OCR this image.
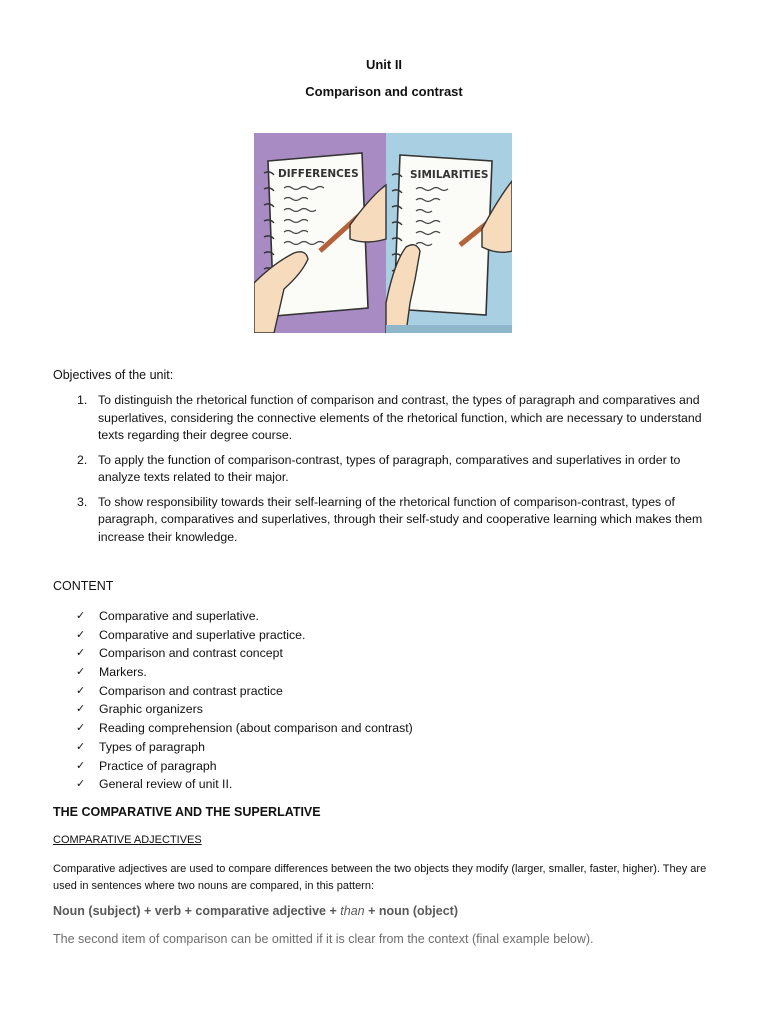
Unit II
Comparison and contrast
DIFFERENCES	SIMILARITIES
Objectives of the unit:
1. To distinguish the rhetorical function of comparison and contrast, the types of paragraph and comparatives and superlatives, considering the connective elements of the rhetorical function, which are necessary to understand texts regarding their degree course.
2. To apply the function of comparison-contrast, types of paragraph, comparatives and superlatives in order to analyze texts related to their major.
3. To show responsibility towards their self-learning of the rhetorical function of comparison-contrast, types of paragraph, comparatives and superlatives, through their self-study and cooperative learning which makes them increase their knowledge.
CONTENT
✓ Comparative and superlative.
✓ Comparative and superlative practice.
✓ Comparison and contrast concept
✓ Markers.
✓ Comparison and contrast practice
✓ Graphic organizers
✓ Reading comprehension (about comparison and contrast)
✓ Types of paragraph
✓ Practice of paragraph
✓ General review of unit II.
THE COMPARATIVE AND THE SUPERLATIVE
COMPARATIVE ADJECTIVES
Comparative adjectives are used to compare differences between the two objects they modify (larger, smaller, faster, higher). They are used in sentences where two nouns are compared, in this pattern:
Noun (subject) + verb + comparative adjective + than + noun (object)
The second item of comparison can be omitted if it is clear from the context (final example below).
